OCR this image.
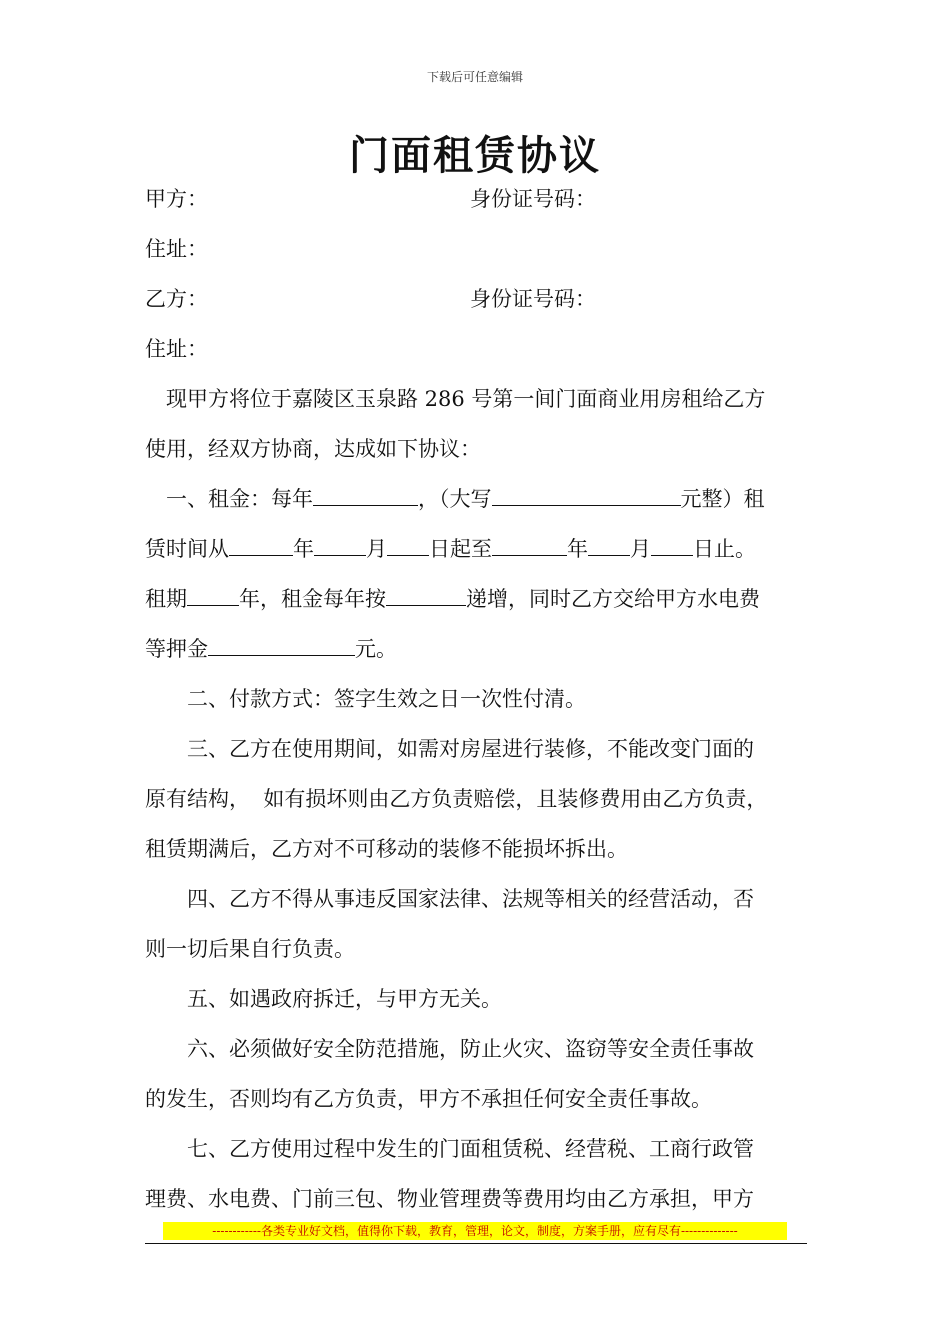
下载后可任意编辑
门面租赁协议
甲方：	身份证号码：
住址：
乙方：	身份证号码：
住址：
现甲方将位于嘉陵区玉泉路 286 号第一间门面商业用房租给乙方
使用，经双方协商，达成如下协议：
一、租金：每年	，（大写	元整）租
赁时间从	年 月 日起至	年 月 日止。
租期 年，租金每年按	递增，同时乙方交给甲方水电费
等押金	元。
二、付款方式：签字生效之日一次性付清。
三、乙方在使用期间，如需对房屋进行装修，不能改变门面的
原有结构，  如有损坏则由乙方负责赔偿，且装修费用由乙方负责，
租赁期满后，乙方对不可移动的装修不能损坏拆出。
四、乙方不得从事违反国家法律、法规等相关的经营活动，否
则一切后果自行负责。
五、如遇政府拆迁，与甲方无关。
六、必须做好安全防范措施，防止火灾、盗窃等安全责任事故
的发生，否则均有乙方负责，甲方不承担任何安全责任事故。
七、乙方使用过程中发生的门面租赁税、经营税、工商行政管
理费、水电费、门前三包、物业管理费等费用均由乙方承担，甲方
------------各类专业好文档，值得你下载，教育，管理，论文，制度，方案手册，应有尽有--------------
